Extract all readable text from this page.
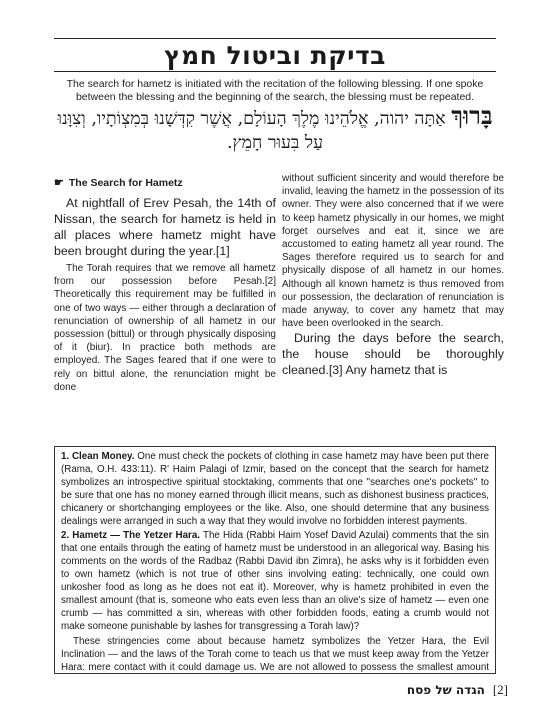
בדיקת וביטול חמץ
The search for hametz is initiated with the recitation of the following blessing. If one spoke between the blessing and the beginning of the search, the blessing must be repeated.
בָּרוּךְ אַתָּה יהוה, אֱלֹהֵינוּ מֶלֶךְ הָעוֹלָם, אֲשֶׁר קִדְּשָׁנוּ בְּמִצְוֹתָיו, וְצִוָּנוּ עַל בִּעוּר חָמֵץ.
☛ The Search for Hametz

At nightfall of Erev Pesah, the 14th of Nissan, the search for hametz is held in all places where hametz might have been brought during the year.[1]

The Torah requires that we remove all hametz from our possession before Pesah.[2] Theoretically this requirement may be fulfilled in one of two ways — either through a declaration of renunciation of ownership of all hametz in our possession (bittul) or through physically disposing of it (biur). In practice both methods are employed. The Sages feared that if one were to rely on bittul alone, the renunciation might be done

without sufficient sincerity and would therefore be invalid, leaving the hametz in the possession of its owner. They were also concerned that if we were to keep hametz physically in our homes, we might forget ourselves and eat it, since we are accustomed to eating hametz all year round. The Sages therefore required us to search for and physically dispose of all hametz in our homes. Although all known hametz is thus removed from our possession, the declaration of renunciation is made anyway, to cover any hametz that may have been overlooked in the search.

During the days before the search, the house should be thoroughly cleaned.[3] Any hametz that is

1. Clean Money. One must check the pockets of clothing in case hametz may have been put there (Rama, O.H. 433:11). R' Haim Palagi of Izmir, based on the concept that the search for hametz symbolizes an introspective spiritual stocktaking, comments that one ''searches one's pockets'' to be sure that one has no money earned through illicit means, such as dishonest business practices, chicanery or shortchanging employees or the like. Also, one should determine that any business dealings were arranged in such a way that they would involve no forbidden interest payments.

2. Hametz — The Yetzer Hara. The Hida (Rabbi Haim Yosef David Azulai) comments that the sin that one entails through the eating of hametz must be understood in an allegorical way. Basing his comments on the words of the Radbaz (Rabbi David ibn Zimra), he asks why is it forbidden even to own hametz (which is not true of other sins involving eating: technically, one could own unkosher food as long as he does not eat it). Moreover, why is hametz prohibited in even the smallest amount (that is, someone who eats even less than an olive's size of hametz — even one crumb — has committed a sin, whereas with other forbidden foods, eating a crumb would not make someone punishable by lashes for transgressing a Torah law)?

These stringencies come about because hametz symbolizes the Yetzer Hara, the Evil Inclination — and the laws of the Torah come to teach us that we must keep away from the Yetzer Hara: mere contact with it could damage us. We are not allowed to possess the smallest amount

הגדה של פסח [2]
